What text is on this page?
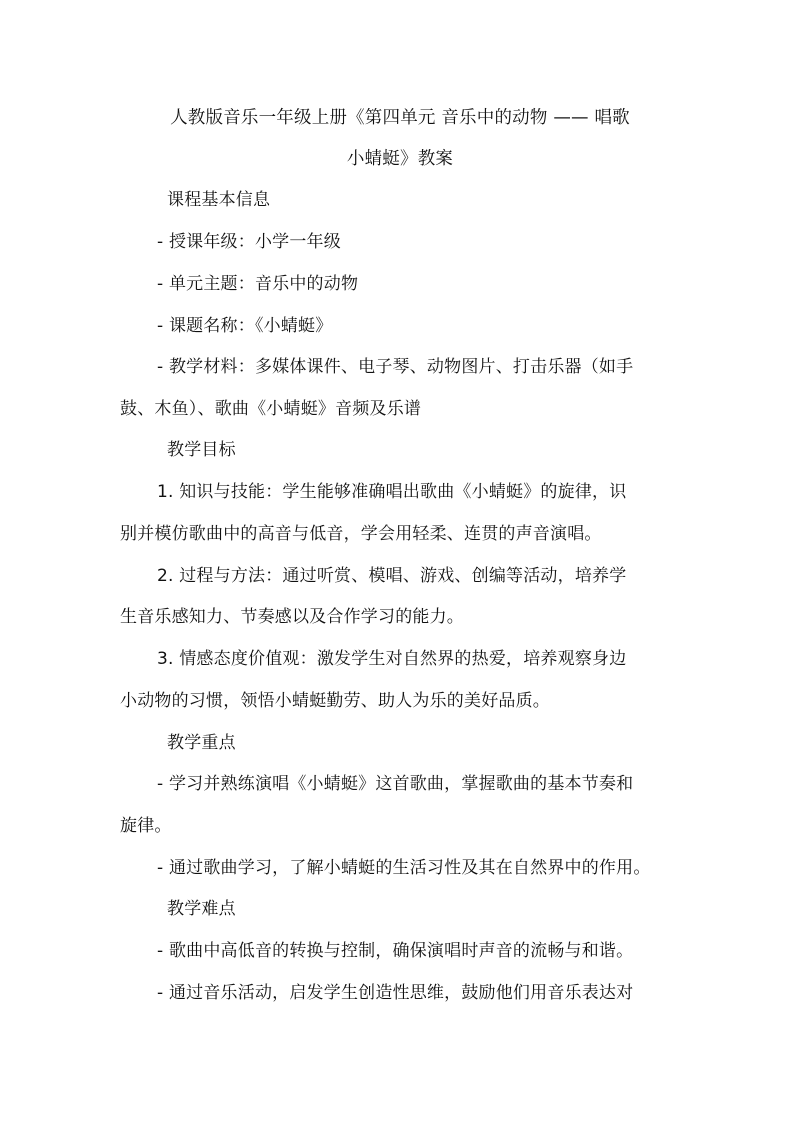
人教版音乐一年级上册《第四单元 音乐中的动物 —— 唱歌
小蜻蜓》教案
课程基本信息
- 授课年级：小学一年级
- 单元主题：音乐中的动物
- 课题名称：《小蜻蜓》
- 教学材料：多媒体课件、电子琴、动物图片、打击乐器（如手
鼓、木鱼）、歌曲《小蜻蜓》音频及乐谱
教学目标
1. 知识与技能：学生能够准确唱出歌曲《小蜻蜓》的旋律，识
别并模仿歌曲中的高音与低音，学会用轻柔、连贯的声音演唱。
2. 过程与方法：通过听赏、模唱、游戏、创编等活动，培养学
生音乐感知力、节奏感以及合作学习的能力。
3. 情感态度价值观：激发学生对自然界的热爱，培养观察身边
小动物的习惯，领悟小蜻蜓勤劳、助人为乐的美好品质。
教学重点
- 学习并熟练演唱《小蜻蜓》这首歌曲，掌握歌曲的基本节奏和
旋律。
- 通过歌曲学习，了解小蜻蜓的生活习性及其在自然界中的作用。
教学难点
- 歌曲中高低音的转换与控制，确保演唱时声音的流畅与和谐。
- 通过音乐活动，启发学生创造性思维，鼓励他们用音乐表达对
